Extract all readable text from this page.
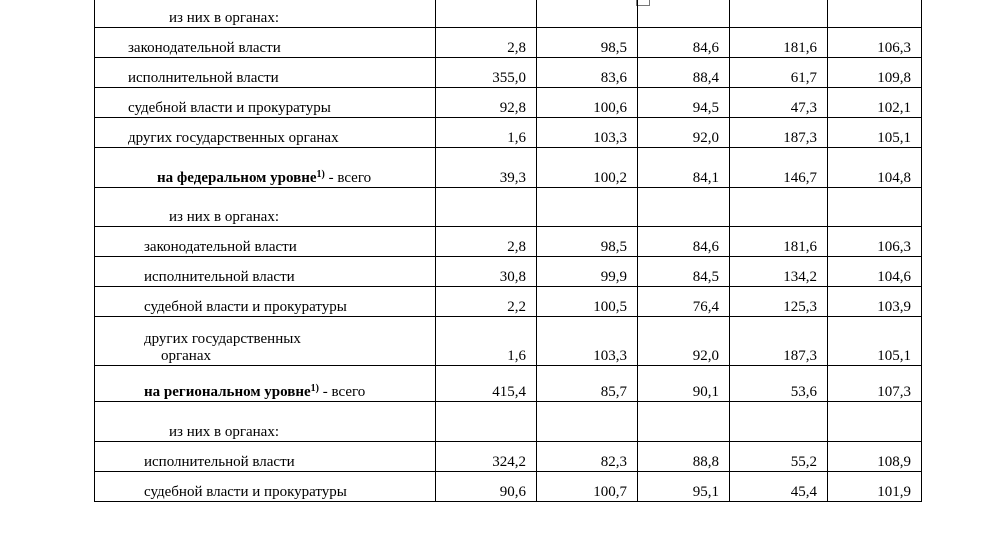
из них в органах:					

законодательной власти	2,8	98,5	84,6	181,6	106,3

исполнительной власти	355,0	83,6	88,4	61,7	109,8

судебной власти и прокуратуры	92,8	100,6	94,5	47,3	102,1

других государственных органах	1,6	103,3	92,0	187,3	105,1

на федеральном уровне$^{1)}$ - всего	39,3	100,2	84,1	146,7	104,8

из них в органах:					

законодательной власти	2,8	98,5	84,6	181,6	106,3

исполнительной власти	30,8	99,9	84,5	134,2	104,6

судебной власти и прокуратуры	2,2	100,5	76,4	125,3	103,9

других государственных
органах	1,6	103,3	92,0	187,3	105,1

на региональном уровне$^{1)}$ - всего	415,4	85,7	90,1	53,6	107,3

из них в органах:					

исполнительной власти	324,2	82,3	88,8	55,2	108,9

судебной власти и прокуратуры	90,6	100,7	95,1	45,4	101,9
